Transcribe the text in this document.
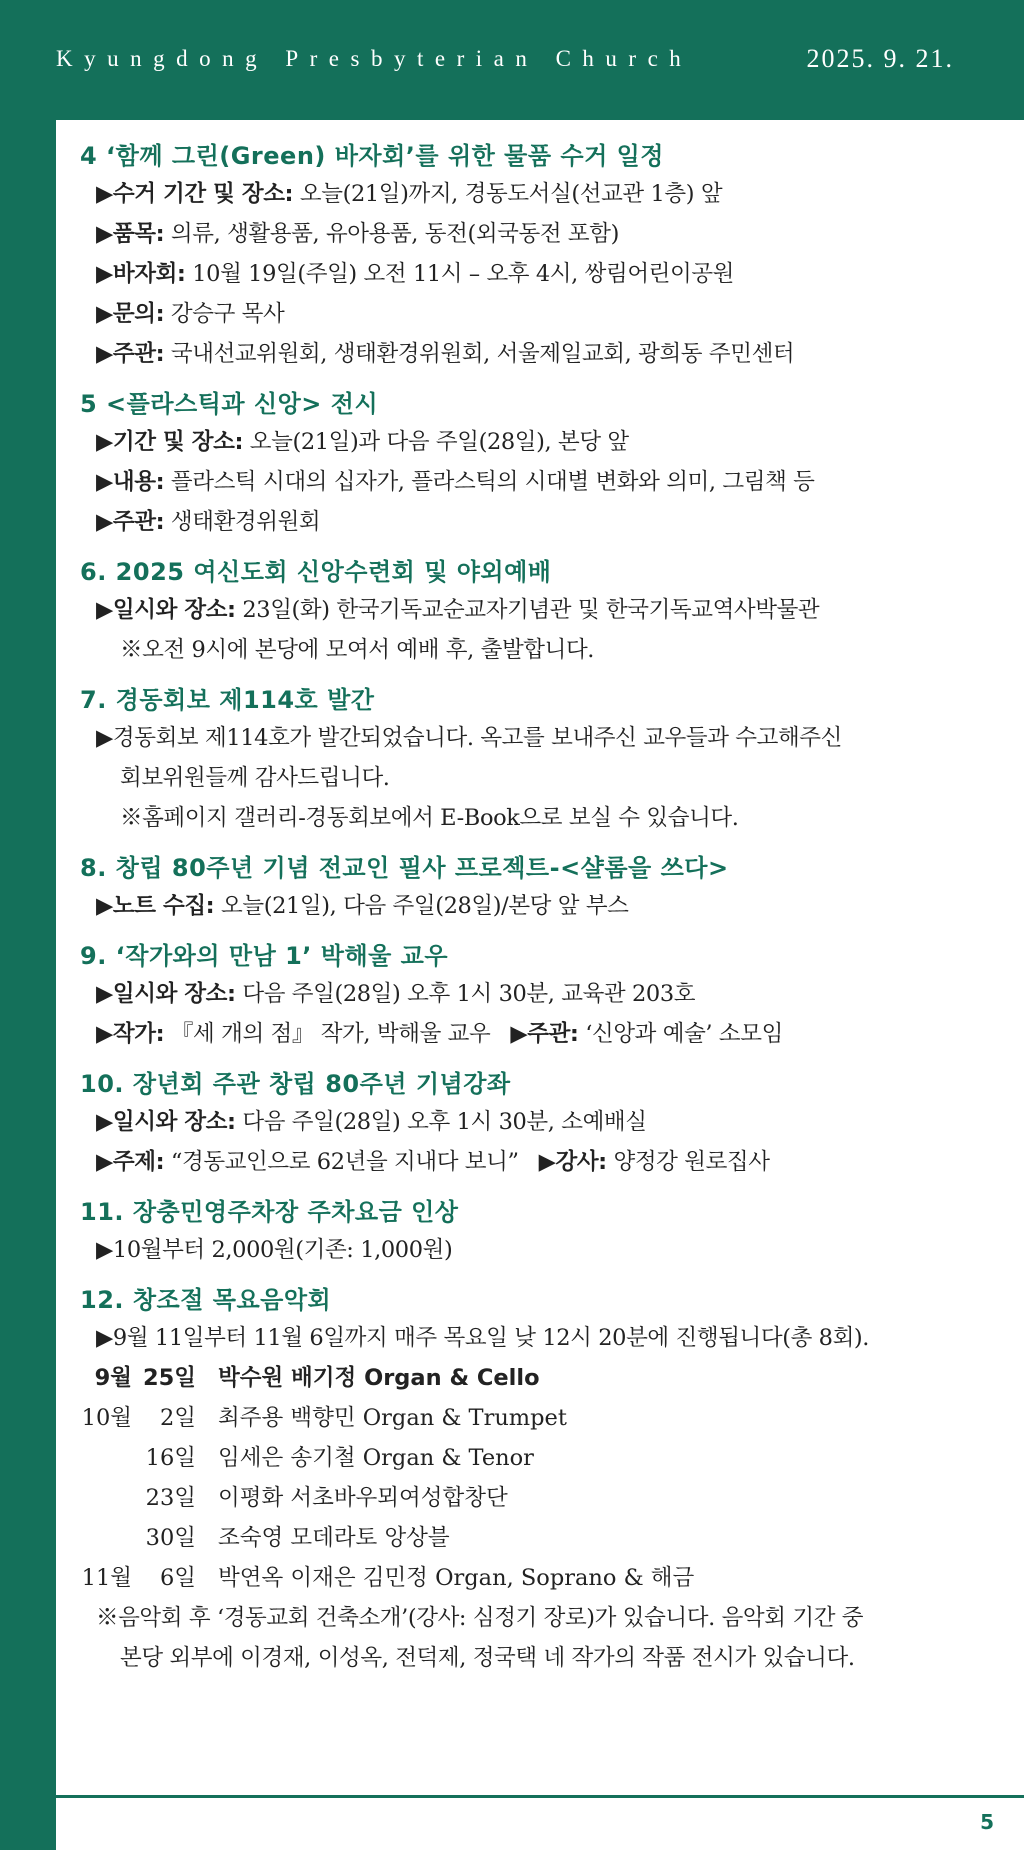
Kyungdong Presbyterian Church	2025. 9. 21.
4 ‘함께 그린(Green) 바자회’를 위한 물품 수거 일정
▶수거 기간 및 장소: 오늘(21일)까지, 경동도서실(선교관 1층) 앞
▶품목: 의류, 생활용품, 유아용품, 동전(외국동전 포함)
▶바자회: 10월 19일(주일) 오전 11시 – 오후 4시, 쌍림어린이공원
▶문의: 강승구 목사
▶주관: 국내선교위원회, 생태환경위원회, 서울제일교회, 광희동 주민센터
5 <플라스틱과 신앙> 전시
▶기간 및 장소: 오늘(21일)과 다음 주일(28일), 본당 앞
▶내용: 플라스틱 시대의 십자가, 플라스틱의 시대별 변화와 의미, 그림책 등
▶주관: 생태환경위원회
6. 2025 여신도회 신앙수련회 및 야외예배
▶일시와 장소: 23일(화) 한국기독교순교자기념관 및 한국기독교역사박물관
※오전 9시에 본당에 모여서 예배 후, 출발합니다.
7. 경동회보 제114호 발간
▶경동회보 제114호가 발간되었습니다. 옥고를 보내주신 교우들과 수고해주신
회보위원들께 감사드립니다.
※홈페이지 갤러리-경동회보에서 E-Book으로 보실 수 있습니다.
8. 창립 80주년 기념 전교인 필사 프로젝트-<샬롬을 쓰다>
▶노트 수집: 오늘(21일), 다음 주일(28일)/본당 앞 부스
9. ‘작가와의 만남 1’ 박해울 교우
▶일시와 장소: 다음 주일(28일) 오후 1시 30분, 교육관 203호
▶작가: 『세 개의 점』 작가, 박해울 교우 ▶주관: ‘신앙과 예술’ 소모임
10. 장년회 주관 창립 80주년 기념강좌
▶일시와 장소: 다음 주일(28일) 오후 1시 30분, 소예배실
▶주제: “경동교인으로 62년을 지내다 보니” ▶강사: 양정강 원로집사
11. 장충민영주차장 주차요금 인상
▶10월부터 2,000원(기존: 1,000원)
12. 창조절 목요음악회
▶9월 11일부터 11월 6일까지 매주 목요일 낮 12시 20분에 진행됩니다(총 8회).
9월 25일 박수원 배기정 Organ & Cello
10월 2일 최주용 백향민 Organ & Trumpet
16일 임세은 송기철 Organ & Tenor
23일 이평화 서초바우뫼여성합창단
30일 조숙영 모데라토 앙상블
11월 6일 박연옥 이재은 김민정 Organ, Soprano & 해금
※음악회 후 ‘경동교회 건축소개’(강사: 심정기 장로)가 있습니다. 음악회 기간 중
본당 외부에 이경재, 이성옥, 전덕제, 정국택 네 작가의 작품 전시가 있습니다.
5
